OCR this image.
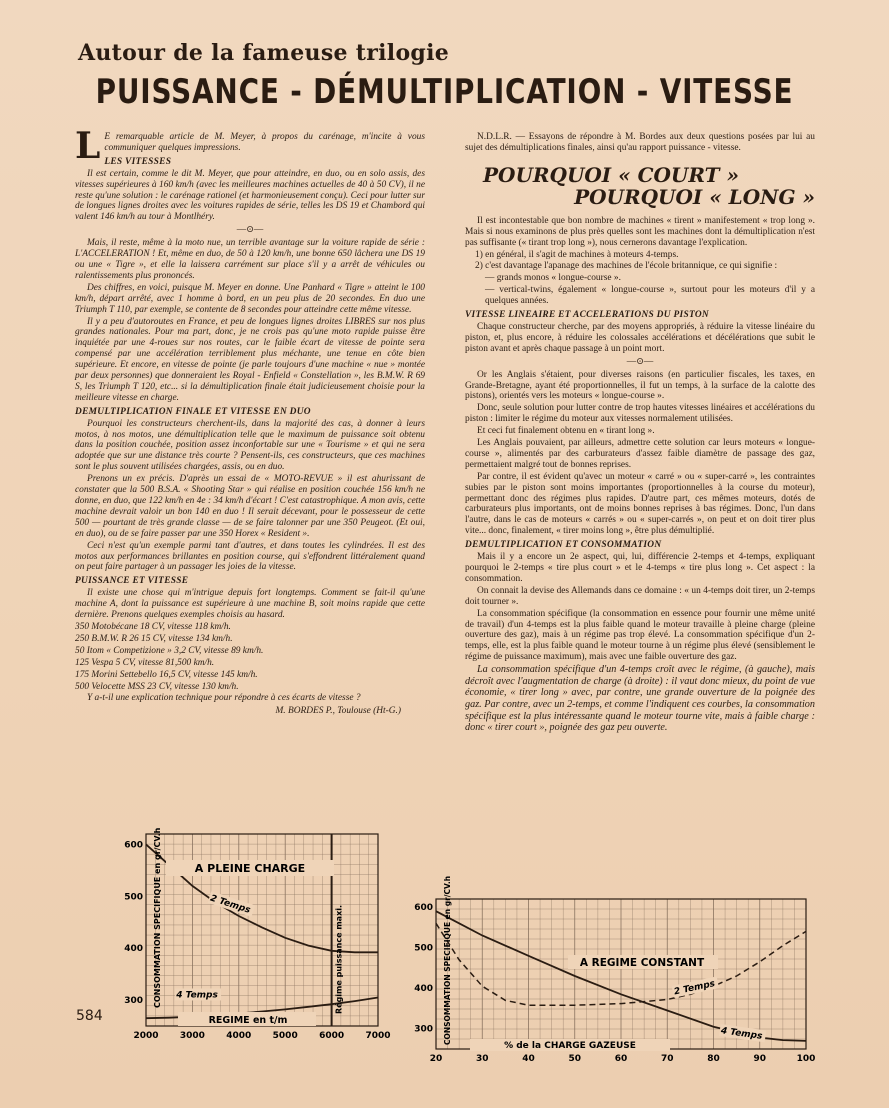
Autour de la fameuse trilogie
PUISSANCE - DÉMULTIPLICATION - VITESSE

L E remarquable article de M. Meyer, à propos du carénage, m'incite à vous communiquer quelques impressions.

LES VITESSES

Il est certain, comme le dit M. Meyer, que pour atteindre, en duo, ou en solo assis, des vitesses supérieures à 160 km/h (avec les meilleures machines actuelles de 40 à 50 CV), il ne reste qu'une solution : le carénage rationel (et harmonieusement conçu). Ceci pour lutter sur de longues lignes droites avec les voitures rapides de série, telles les DS 19 et Chambord qui valent 146 km/h au tour à Montlhéry.

—⊙—

Mais, il reste, même à la moto nue, un terrible avantage sur la voiture rapide de série : L'ACCELERATION ! Et, même en duo, de 50 à 120 km/h, une bonne 650 lâchera une DS 19 ou une « Tigre », et elle la laissera carrément sur place s'il y a arrêt de véhicules ou ralentissements plus prononcés.

Des chiffres, en voici, puisque M. Meyer en donne. Une Panhard « Tigre » atteint le 100 km/h, départ arrêté, avec 1 homme à bord, en un peu plus de 20 secondes. En duo une Triumph T 110, par exemple, se contente de 8 secondes pour atteindre cette même vitesse.

Il y a peu d'autoroutes en France, et peu de longues lignes droites LIBRES sur nos plus grandes nationales. Pour ma part, donc, je ne crois pas qu'une moto rapide puisse être inquiétée par une 4-roues sur nos routes, car le faible écart de vitesse de pointe sera compensé par une accélération terriblement plus méchante, une tenue en côte bien supérieure. Et encore, en vitesse de pointe (je parle toujours d'une machine « nue » montée par deux personnes) que donneraient les Royal - Enfield « Constellation », les B.M.W. R 69 S, les Triumph T 120, etc... si la démultiplication finale était judicieusement choisie pour la meilleure vitesse en charge.

DEMULTIPLICATION FINALE ET VITESSE EN DUO

Pourquoi les constructeurs cherchent-ils, dans la majorité des cas, à donner à leurs motos, à nos motos, une démultiplication telle que le maximum de puissance soit obtenu dans la position couchée, position assez inconfortable sur une « Tourisme » et qui ne sera adoptée que sur une distance très courte ? Pensent-ils, ces constructeurs, que ces machines sont le plus souvent utilisées chargées, assis, ou en duo.

Prenons un ex précis. D'après un essai de « MOTO-REVUE » il est ahurissant de constater que la 500 B.S.A. « Shooting Star » qui réalise en position couchée 156 km/h ne donne, en duo, que 122 km/h en 4e : 34 km/h d'écart ! C'est catastrophique. A mon avis, cette machine devrait valoir un bon 140 en duo ! Il serait décevant, pour le possesseur de cette 500 — pourtant de très grande classe — de se faire talonner par une 350 Peugeot. (Et oui, en duo), ou de se faire passer par une 350 Horex « Resident ».

Ceci n'est qu'un exemple parmi tant d'autres, et dans toutes les cylindrées. Il est des motos aux performances brillantes en position course, qui s'effondrent littéralement quand on peut faire partager à un passager les joies de la vitesse.

PUISSANCE ET VITESSE

Il existe une chose qui m'intrigue depuis fort longtemps. Comment se fait-il qu'une machine A, dont la puissance est supérieure à une machine B, soit moins rapide que cette dernière. Prenons quelques exemples choisis au hasard.

350 Motobécane 18 CV, vitesse 118 km/h.

250 B.M.W. R 26 15 CV, vitesse 134 km/h.

50 Itom « Competizione » 3,2 CV, vitesse 89 km/h.

125 Vespa 5 CV, vitesse 81,500 km/h.

175 Morini Settebello 16,5 CV, vitesse 145 km/h.

500 Velocette MSS 23 CV, vitesse 130 km/h.

Y a-t-il une explication technique pour répondre à ces écarts de vitesse ?

M. BORDES P., Toulouse (Ht-G.)

N.D.L.R. — Essayons de répondre à M. Bordes aux deux questions posées par lui au sujet des démultiplications finales, ainsi qu'au rapport puissance - vitesse.

POURQUOI « COURT »
POURQUOI « LONG »

Il est incontestable que bon nombre de machines « tirent » manifestement « trop long ». Mais si nous examinons de plus près quelles sont les machines dont la démultiplication n'est pas suffisante (« tirant trop long »), nous cernerons davantage l'explication.

1) en général, il s'agit de machines à moteurs 4-temps.

2) c'est davantage l'apanage des machines de l'école britannique, ce qui signifie :

— grands monos « longue-course ».

— vertical-twins, également « longue-course », surtout pour les moteurs d'il y a quelques années.

VITESSE LINEAIRE ET ACCELERATIONS DU PISTON

Chaque constructeur cherche, par des moyens appropriés, à réduire la vitesse linéaire du piston, et, plus encore, à réduire les colossales accélérations et décélérations que subit le piston avant et après chaque passage à un point mort.

—⊙—

Or les Anglais s'étaient, pour diverses raisons (en particulier fiscales, les taxes, en Grande-Bretagne, ayant été proportionnelles, il fut un temps, à la surface de la calotte des pistons), orientés vers les moteurs « longue-course ».

Donc, seule solution pour lutter contre de trop hautes vitesses linéaires et accélérations du piston : limiter le régime du moteur aux vitesses normalement utilisées.

Et ceci fut finalement obtenu en « tirant long ».

Les Anglais pouvaient, par ailleurs, admettre cette solution car leurs moteurs « longue-course », alimentés par des carburateurs d'assez faible diamètre de passage des gaz, permettaient malgré tout de bonnes reprises.

Par contre, il est évident qu'avec un moteur « carré » ou « super-carré », les contraintes subies par le piston sont moins importantes (proportionnelles à la course du moteur), permettant donc des régimes plus rapides. D'autre part, ces mêmes moteurs, dotés de carburateurs plus importants, ont de moins bonnes reprises à bas régimes. Donc, l'un dans l'autre, dans le cas de moteurs « carrés » ou « super-carrés », on peut et on doit tirer plus vite... donc, finalement, « tirer moins long », être plus démultiplié.

DEMULTIPLICATION ET CONSOMMATION

Mais il y a encore un 2e aspect, qui, lui, différencie 2-temps et 4-temps, expliquant pourquoi le 2-temps « tire plus court » et le 4-temps « tire plus long ». Cet aspect : la consommation.

On connait la devise des Allemands dans ce domaine : « un 4-temps doit tirer, un 2-temps doit tourner ».

La consommation spécifique (la consommation en essence pour fournir une même unité de travail) d'un 4-temps est la plus faible quand le moteur travaille à pleine charge (pleine ouverture des gaz), mais à un régime pas trop élevé. La consommation spécifique d'un 2-temps, elle, est la plus faible quand le moteur tourne à un régime plus élevé (sensiblement le régime de puissance maximum), mais avec une faible ouverture des gaz.

La consommation spécifique d'un 4-temps croît avec le régime, (à gauche), mais décroît avec l'augmentation de charge (à droite) : il vaut donc mieux, du point de vue économie, « tirer long » avec, par contre, une grande ouverture de la poignée des gaz. Par contre, avec un 2-temps, et comme l'indiquent ces courbes, la consommation spécifique est la plus intéressante quand le moteur tourne vite, mais à faible charge : donc « tirer court », poignée des gaz peu ouverte.

584
2000 3000 4000 5000 6000 7000
300
400
500
600
2 Temps
4 Temps
A PLEINE CHARGE
REGIME en t/m
CONSOMMATION SPECIFIQUE en gr/CV.h	Régime puissance maxi.
20	30	40	50	60	70	80	90	100
300
400
500
600
2 Temps
4 Temps
A REGIME CONSTANT
% de la CHARGE GAZEUSE
CONSOMMATION SPECIFIQUE en gr/CV.h
